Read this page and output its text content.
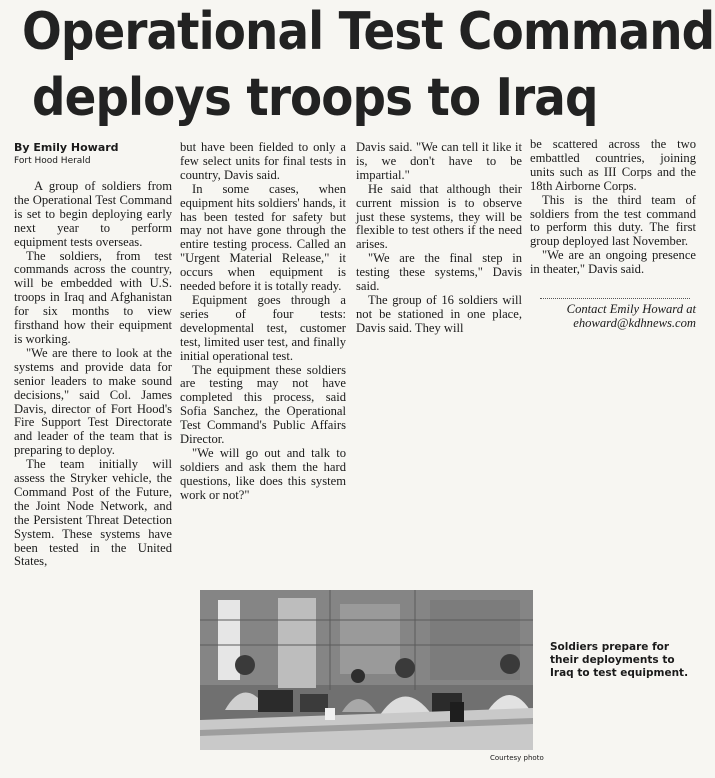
Operational Test Command
deploys troops to Iraq
By Emily Howard
Fort Hood Herald

A group of soldiers from the Operational Test Command is set to begin deploying early next year to perform equipment tests overseas.

The soldiers, from test commands across the country, will be embedded with U.S. troops in Iraq and Afghanistan for six months to view firsthand how their equipment is working.

"We are there to look at the systems and provide data for senior leaders to make sound decisions," said Col. James Davis, director of Fort Hood's Fire Support Test Directorate and leader of the team that is preparing to deploy.

The team initially will assess the Stryker vehicle, the Command Post of the Future, the Joint Node Network, and the Persistent Threat Detection System. These systems have been tested in the United States,

but have been fielded to only a few select units for final tests in country, Davis said.

In some cases, when equipment hits soldiers' hands, it has been tested for safety but may not have gone through the entire testing process. Called an "Urgent Material Release," it occurs when equipment is needed before it is totally ready.

Equipment goes through a series of four tests: developmental test, customer test, limited user test, and finally initial operational test.

The equipment these soldiers are testing may not have completed this process, said Sofia Sanchez, the Operational Test Command's Public Affairs Director.

"We will go out and talk to soldiers and ask them the hard questions, like does this system work or not?"

Davis said. "We can tell it like it is, we don't have to be impartial."

He said that although their current mission is to observe just these systems, they will be flexible to test others if the need arises.

"We are the final step in testing these systems," Davis said.

The group of 16 soldiers will not be stationed in one place, Davis said. They will

be scattered across the two embattled countries, joining units such as III Corps and the 18th Airborne Corps.

This is the third team of soldiers from the test command to perform this duty. The first group deployed last November.

"We are an ongoing presence in theater," Davis said.

Contact Emily Howard at
ehoward@kdhnews.com
Soldiers prepare for their deployments to Iraq to test equipment.
Courtesy photo
